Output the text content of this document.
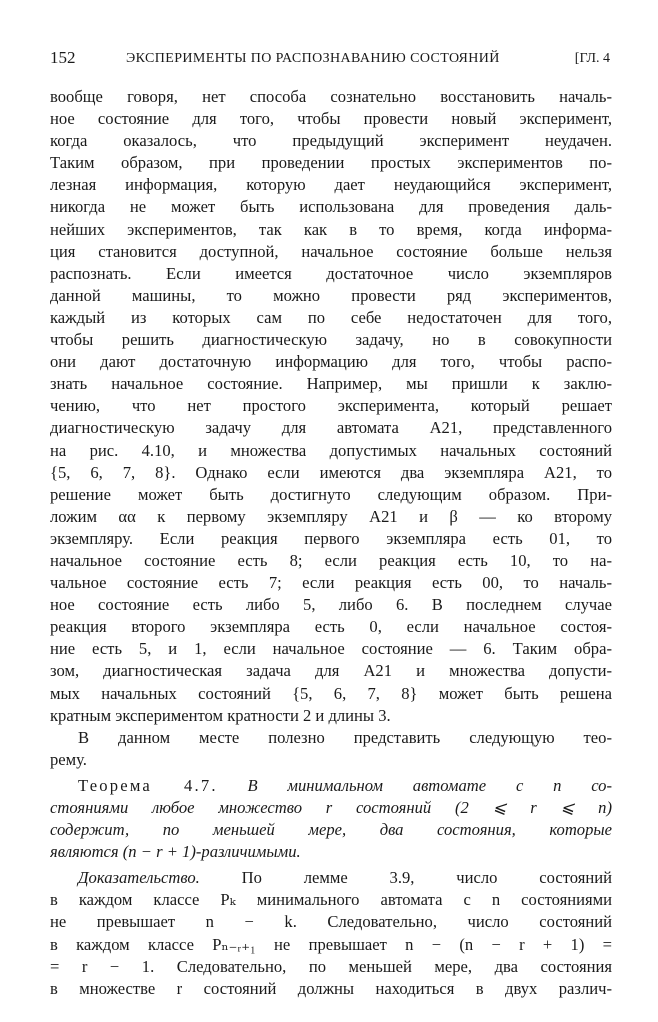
152	ЭКСПЕРИМЕНТЫ ПО РАСПОЗНАВАНИЮ СОСТОЯНИЙ	[ГЛ. 4
вообще говоря, нет способа сознательно восстановить началь-
ное состояние для того, чтобы провести новый эксперимент,
когда оказалось, что предыдущий эксперимент неудачен.
Таким образом, при проведении простых экспериментов по-
лезная информация, которую дает неудающийся эксперимент,
никогда не может быть использована для проведения даль-
нейших экспериментов, так как в то время, когда информа-
ция становится доступной, начальное состояние больше нельзя
распознать. Если имеется достаточное число экземпляров
данной машины, то можно провести ряд экспериментов,
каждый из которых сам по себе недостаточен для того,
чтобы решить диагностическую задачу, но в совокупности
они дают достаточную информацию для того, чтобы распо-
знать начальное состояние. Например, мы пришли к заклю-
чению, что нет простого эксперимента, который решает
диагностическую задачу для автомата A21, представленного
на рис. 4.10, и множества допустимых начальных состояний
{5, 6, 7, 8}. Однако если имеются два экземпляра A21, то
решение может быть достигнуто следующим образом. При-
ложим αα к первому экземпляру A21 и β — ко второму
экземпляру. Если реакция первого экземпляра есть 01, то
начальное состояние есть 8; если реакция есть 10, то на-
чальное состояние есть 7; если реакция есть 00, то началь-
ное состояние есть либо 5, либо 6. В последнем случае
реакция второго экземпляра есть 0, если начальное состоя-
ние есть 5, и 1, если начальное состояние — 6. Таким обра-
зом, диагностическая задача для A21 и множества допусти-
мых начальных состояний {5, 6, 7, 8} может быть решена
кратным экспериментом кратности 2 и длины 3.
В данном месте полезно представить следующую тео-
рему.
Теорема 4.7. В минимальном автомате с n со-
стояниями любое множество r состояний (2 ⩽ r ⩽ n)
содержит, по меньшей мере, два состояния, которые
являются (n − r + 1)-различимыми.
Доказательство.	По лемме 3.9, число состояний
в каждом классе Pₖ минимального автомата с n состояниями
не превышает n − k. Следовательно, число состояний
в каждом классе Pₙ₋ᵣ₊₁ не превышает n − (n − r + 1) =
= r − 1. Следовательно, по меньшей мере, два состояния
в множестве r состояний должны находиться в двух различ-
